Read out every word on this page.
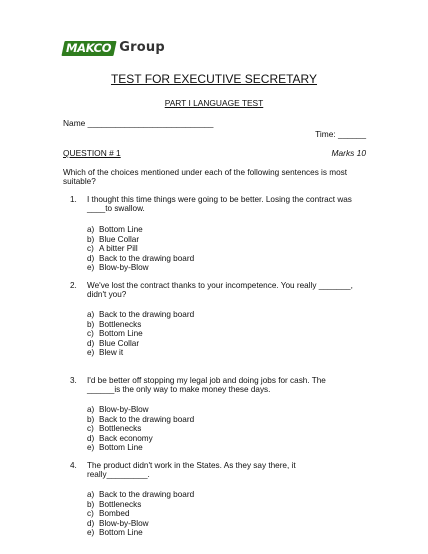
MAKCO Group
TEST FOR EXECUTIVE SECRETARY
PART I LANGUAGE TEST
Name ___________________________
Time: ______
QUESTION # 1	Marks 10
Which of the choices mentioned under each of the following sentences is most suitable?
1.	I thought this time things were going to be better. Losing the contract was
____to swallow.
a) Bottom Line
b) Blue Collar
c) A bitter Pill
d) Back to the drawing board
e) Blow-by-Blow
2.	We've lost the contract thanks to your incompetence. You really _______,
didn't you?
a) Back to the drawing board
b) Bottlenecks
c) Bottom Line
d) Blue Collar
e) Blew it
3.	I'd be better off stopping my legal job and doing jobs for cash. The
______is the only way to make money these days.
a) Blow-by-Blow
b) Back to the drawing board
c) Bottlenecks
d) Back economy
e) Bottom Line
4.	The product didn't work in the States. As they say there, it
really_________.
a) Back to the drawing board
b) Bottlenecks
c) Bombed
d) Blow-by-Blow
e) Bottom Line
